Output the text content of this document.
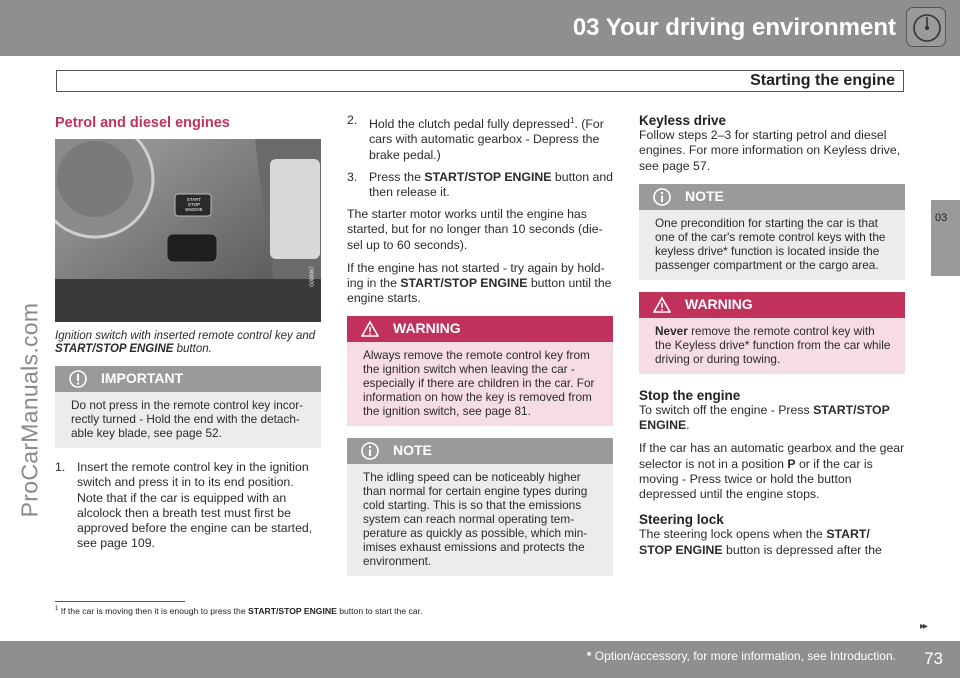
03 Your driving environment
Starting the engine
03
ProCarManuals.com
Petrol and diesel engines
START STOP ENGINE
G000067
Ignition switch with inserted remote control key and START/STOP ENGINE button.
IMPORTANT
Do not press in the remote control key incor-rectly turned - Hold the end with the detach-able key blade, see page 52.
1. Insert the remote control key in the ignition switch and press it in to its end position. Note that if the car is equipped with an alcolock then a breath test must first be approved before the engine can be started, see page 109.
2. Hold the clutch pedal fully depressed$^1$. (For cars with automatic gearbox - Depress the brake pedal.)
3. Press the START/STOP ENGINE button and then release it.

The starter motor works until the engine has started, but for no longer than 10 seconds (die-sel up to 60 seconds).

If the engine has not started - try again by hold-ing in the START/STOP ENGINE button until the engine starts.

WARNING
Always remove the remote control key from the ignition switch when leaving the car - especially if there are children in the car. For information on how the key is removed from the ignition switch, see page 81.
NOTE
The idling speed can be noticeably higher than normal for certain engine types during cold starting. This is so that the emissions system can reach normal operating tem-perature as quickly as possible, which min-imises exhaust emissions and protects the environment.
Keyless drive

Follow steps 2–3 for starting petrol and diesel engines. For more information on Keyless drive, see page 57.

NOTE
One precondition for starting the car is that one of the car's remote control keys with the keyless drive* function is located inside the passenger compartment or the cargo area.
WARNING
Never remove the remote control key with the Keyless drive* function from the car while driving or during towing.
Stop the engine

To switch off the engine - Press START/STOP ENGINE.

If the car has an automatic gearbox and the gear selector is not in a position P or if the car is moving - Press twice or hold the button depressed until the engine stops.

Steering lock

The steering lock opens when the START/ STOP ENGINE button is depressed after the

$^1$ If the car is moving then it is enough to press the START/STOP ENGINE button to start the car.
▸▸
* Option/accessory, for more information, see Introduction. 73
